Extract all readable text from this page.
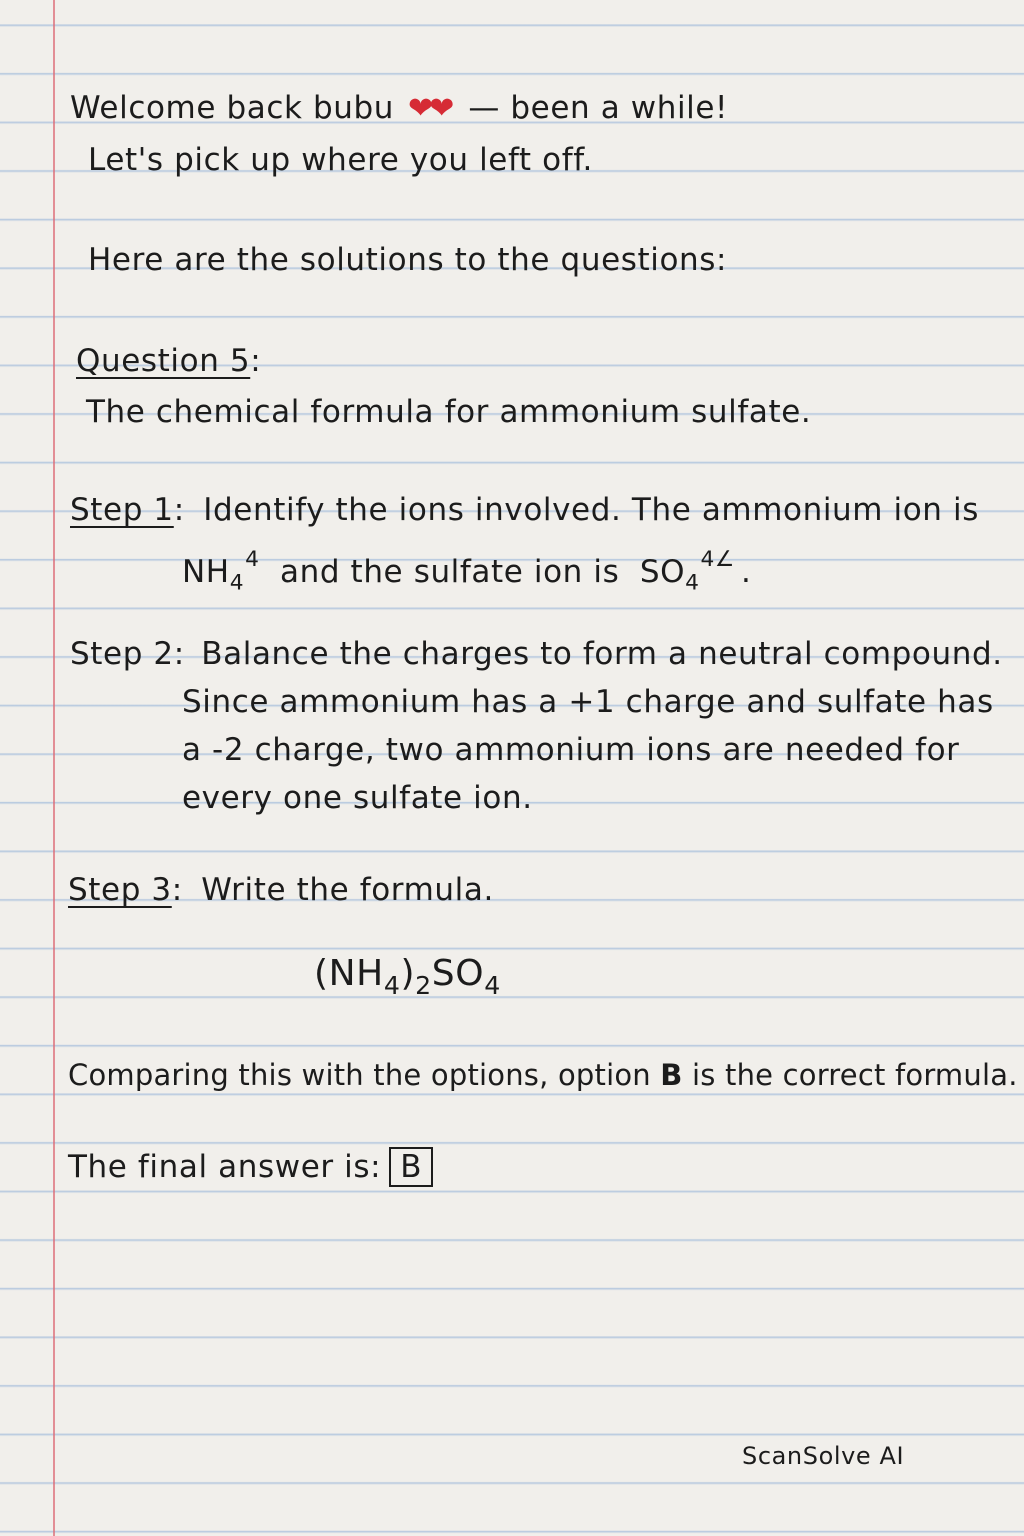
Welcome back bubu ❤❤ — been a while!
Let's pick up where you left off.
Here are the solutions to the questions:
Question 5:
The chemical formula for ammonium sulfate.
Step 1: Identify the ions involved. The ammonium ion is
$NH_4^4$ and the sulfate ion is $SO_4^{4\angle}$ .
Step 2: Balance the charges to form a neutral compound.
Since ammonium has a +1 charge and sulfate has
a -2 charge, two ammonium ions are needed for
every one sulfate ion.
Step 3: Write the formula.
$(NH_4)_2SO_4$
Comparing this with the options, option B is the correct formula.
The final answer is: B
ScanSolve AI
